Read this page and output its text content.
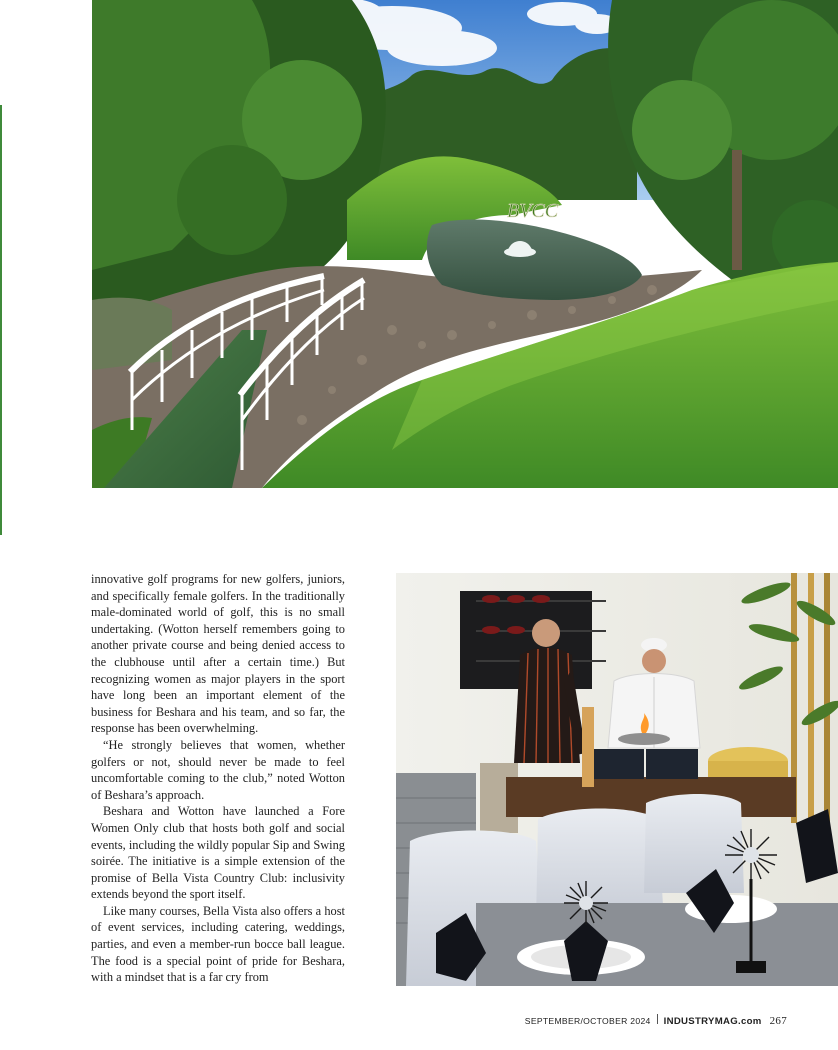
BVCC

innovative golf programs for new golfers, juniors, and specifically female golfers. In the traditionally male-dominated world of golf, this is no small undertaking. (Wotton herself remembers going to another private course and being denied access to the clubhouse until after a certain time.) But recognizing women as major players in the sport have long been an important element of the business for Beshara and his team, and so far, the response has been overwhelming.

“He strongly believes that women, whether golfers or not, should never be made to feel uncomfortable coming to the club,” noted Wotton of Beshara’s approach.

Beshara and Wotton have launched a Fore Women Only club that hosts both golf and social events, including the wildly popular Sip and Swing soirée. The initiative is a simple extension of the promise of Bella Vista Country Club: inclusivity extends beyond the sport itself.

Like many courses, Bella Vista also offers a host of event services, including catering, weddings, parties, and even a member-run bocce ball league. The food is a special point of pride for Beshara, with a mindset that is a far cry from

SEPTEMBER/OCTOBER 2024 INDUSTRYMAG.com 267
